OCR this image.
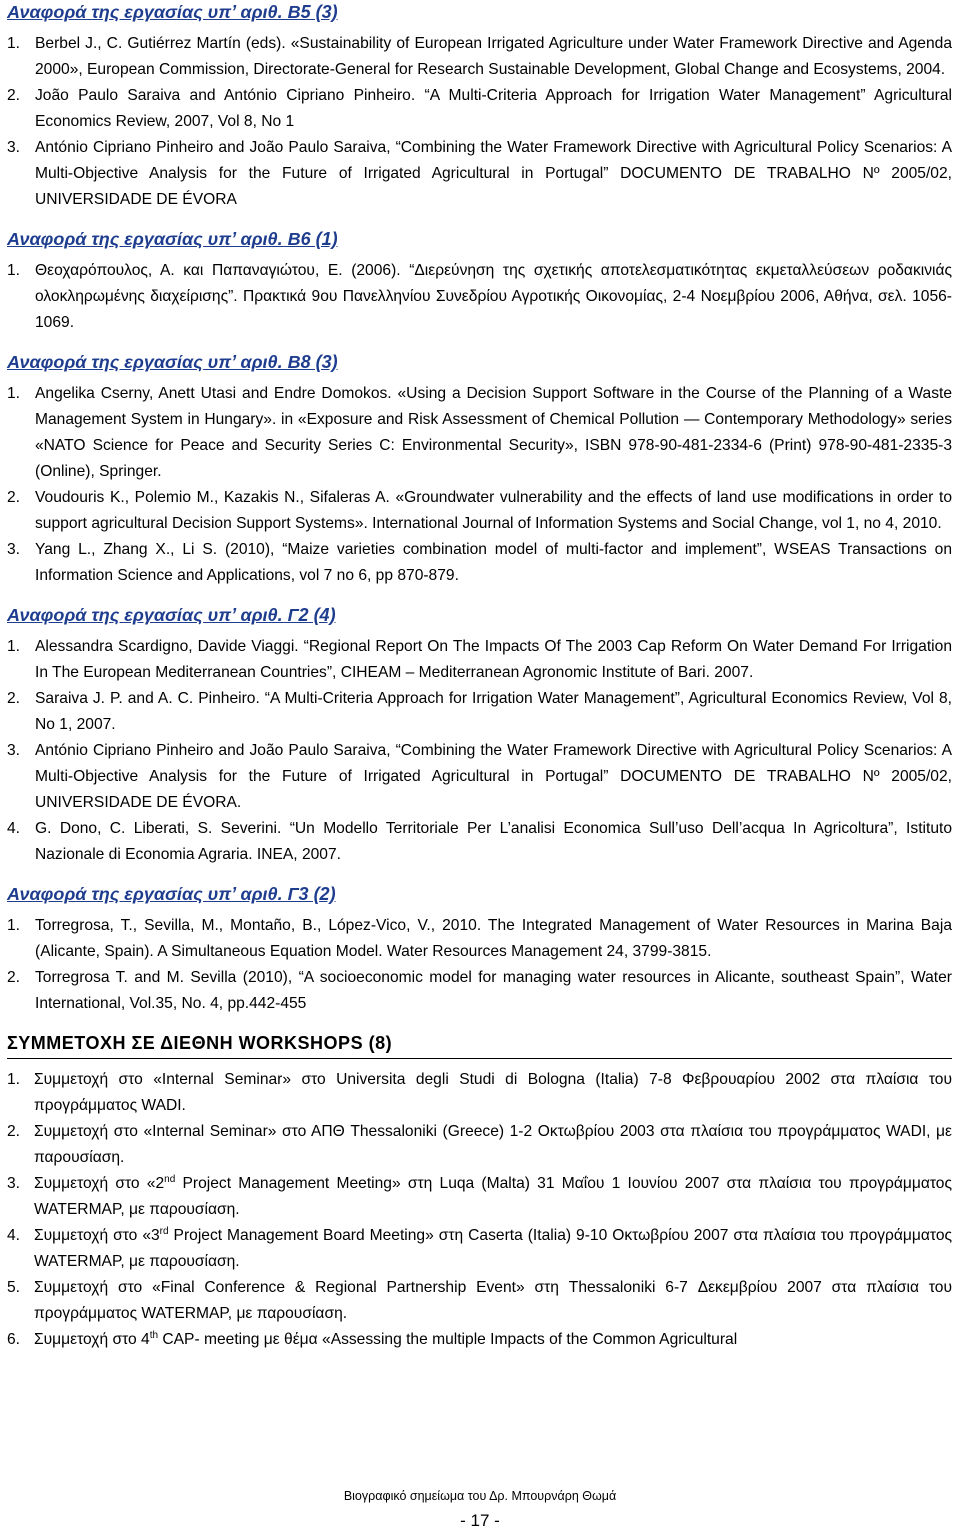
Αναφορά της εργασίας υπ’ αριθ. Β5 (3)
1. Berbel J., C. Gutiérrez Martín (eds). «Sustainability of European Irrigated Agriculture under Water Framework Directive and Agenda 2000», European Commission, Directorate-General for Research Sustainable Development, Global Change and Ecosystems, 2004.
2. João Paulo Saraiva and António Cipriano Pinheiro. “A Multi-Criteria Approach for Irrigation Water Management” Agricultural Economics Review, 2007, Vol 8, No 1
3. António Cipriano Pinheiro and João Paulo Saraiva, “Combining the Water Framework Directive with Agricultural Policy Scenarios: A Multi-Objective Analysis for the Future of Irrigated Agricultural in Portugal” DOCUMENTO DE TRABALHO Nº 2005/02, UNIVERSIDADE DE ÉVORA
Αναφορά της εργασίας υπ’ αριθ. Β6 (1)
1. Θεοχαρόπουλος, Α. και Παπαναγιώτου, Ε. (2006). “Διερεύνηση της σχετικής αποτελεσματικότητας εκμεταλλεύσεων ροδακινιάς ολοκληρωμένης διαχείρισης”. Πρακτικά 9ου Πανελληνίου Συνεδρίου Αγροτικής Οικονομίας, 2-4 Νοεμβρίου 2006, Αθήνα, σελ. 1056-1069.
Αναφορά της εργασίας υπ’ αριθ. Β8 (3)
1. Angelika Cserny, Anett Utasi and Endre Domokos. «Using a Decision Support Software in the Course of the Planning of a Waste Management System in Hungary». in «Exposure and Risk Assessment of Chemical Pollution — Contemporary Methodology» series «NATO Science for Peace and Security Series C: Environmental Security», ISBN 978-90-481-2334-6 (Print) 978-90-481-2335-3 (Online), Springer.
2. Voudouris K., Polemio M., Kazakis N., Sifaleras A. «Groundwater vulnerability and the effects of land use modifications in order to support agricultural Decision Support Systems». International Journal of Information Systems and Social Change, vol 1, no 4, 2010.
3. Yang L., Zhang X., Li S. (2010), “Maize varieties combination model of multi-factor and implement”, WSEAS Transactions on Information Science and Applications, vol 7 no 6, pp 870-879.
Αναφορά της εργασίας υπ’ αριθ. Γ2 (4)
1. Alessandra Scardigno, Davide Viaggi. “Regional Report On The Impacts Of The 2003 Cap Reform On Water Demand For Irrigation In The European Mediterranean Countries”, CIHEAM – Mediterranean Agronomic Institute of Bari. 2007.
2. Saraiva J. P. and A. C. Pinheiro. “A Multi-Criteria Approach for Irrigation Water Management”, Agricultural Economics Review, Vol 8, No 1, 2007.
3. António Cipriano Pinheiro and João Paulo Saraiva, “Combining the Water Framework Directive with Agricultural Policy Scenarios: A Multi-Objective Analysis for the Future of Irrigated Agricultural in Portugal” DOCUMENTO DE TRABALHO Nº 2005/02, UNIVERSIDADE DE ÉVORA.
4. G. Dono, C. Liberati, S. Severini. “Un Modello Territoriale Per L’analisi Economica Sull’uso Dell’acqua In Agricoltura”, Istituto Nazionale di Economia Agraria. INEA, 2007.
Αναφορά της εργασίας υπ’ αριθ. Γ3 (2)
1. Torregrosa, T., Sevilla, M., Montaño, B., López-Vico, V., 2010. The Integrated Management of Water Resources in Marina Baja (Alicante, Spain). A Simultaneous Equation Model. Water Resources Management 24, 3799-3815.
2. Torregrosa T. and M. Sevilla (2010), “A socioeconomic model for managing water resources in Alicante, southeast Spain”, Water International, Vol.35, No. 4, pp.442-455
ΣΥΜΜΕΤΟΧΗ ΣΕ ΔΙΕΘΝΗ WORKSHOPS (8)
1. Συμμετοχή στο «Internal Seminar» στο Universita degli Studi di Bologna (Italia) 7-8 Φεβρουαρίου 2002 στα πλαίσια του προγράμματος WADI.
2. Συμμετοχή στο «Internal Seminar» στο ΑΠΘ Thessaloniki (Greece) 1-2 Οκτωβρίου 2003 στα πλαίσια του προγράμματος WADI, με παρουσίαση.
3. Συμμετοχή στο «2nd Project Management Meeting» στη Luqa (Malta) 31 Μαΐου 1 Ιουνίου 2007 στα πλαίσια του προγράμματος WATERMAP, με παρουσίαση.
4. Συμμετοχή στο «3rd Project Management Board Meeting» στη Caserta (Italia) 9-10 Οκτωβρίου 2007 στα πλαίσια του προγράμματος WATERMAP, με παρουσίαση.
5. Συμμετοχή στο «Final Conference & Regional Partnership Event» στη Thessaloniki 6-7 Δεκεμβρίου 2007 στα πλαίσια του προγράμματος WATERMAP, με παρουσίαση.
6. Συμμετοχή στο 4th CAP- meeting με θέμα «Assessing the multiple Impacts of the Common Agricultural
Βιογραφικό σημείωμα του Δρ. Μπουρνάρη Θωμά
- 17 -
